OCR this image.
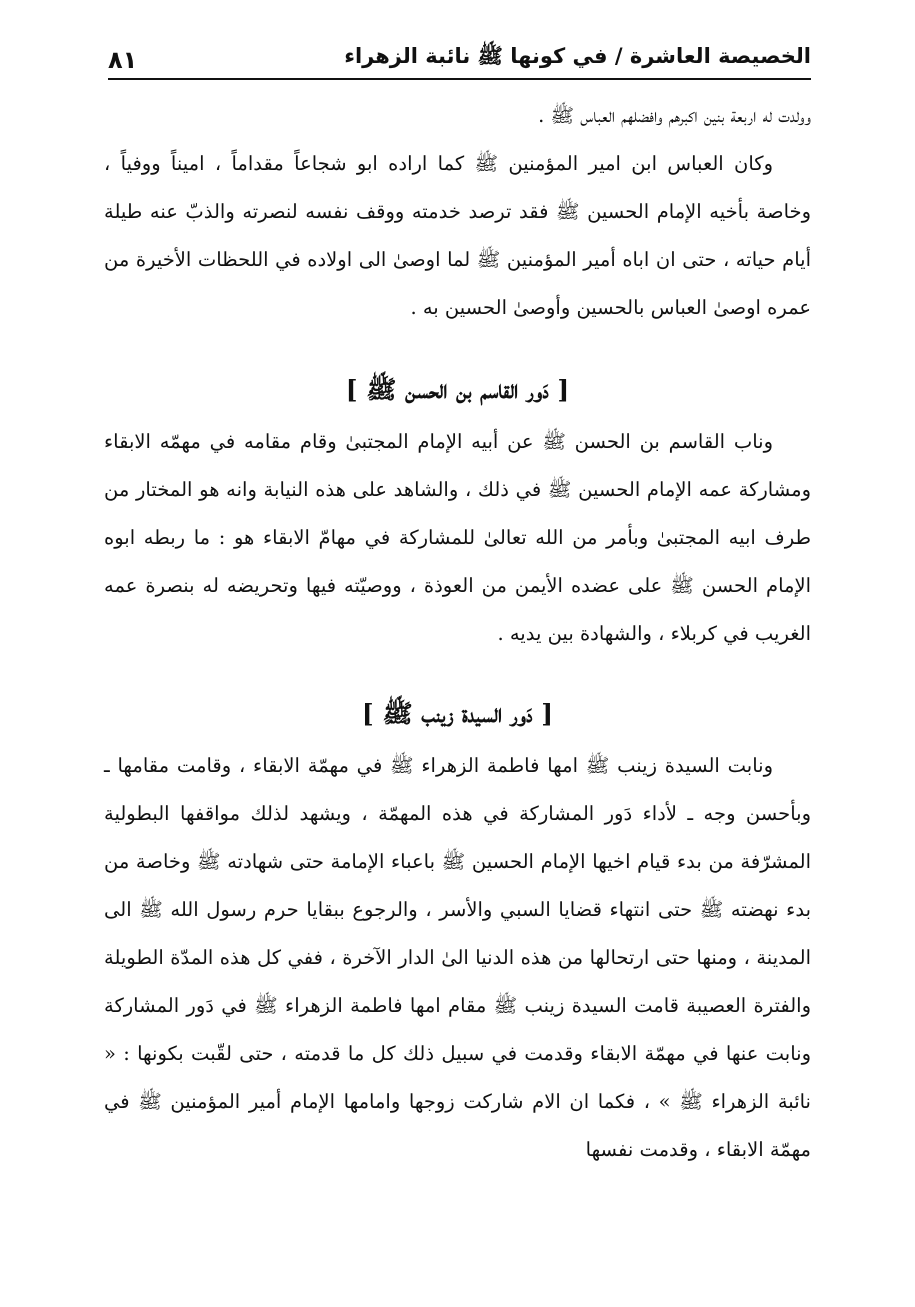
الخصيصة العاشرة / في كونها ﷺ نائبة الزهراء
٨١

وولدت له اربعة بنين اكبرهم وافضلهم العباس ﷺ .

وكان العباس ابن امير المؤمنين ﷺ كما اراده ابو شجاعاً مقداماً ، اميناً ووفياً ، وخاصة بأخيه الإمام الحسين ﷺ فقد ترصد خدمته ووقف نفسه لنصرته والذبّ عنه طيلة أيام حياته ، حتى ان اباه أمير المؤمنين ﷺ لما اوصىٰ الى اولاده في اللحظات الأخيرة من عمره اوصىٰ العباس بالحسين وأوصىٰ الحسين به .

[ دَور القاسم بن الحسن ﷺ ]

وناب القاسم بن الحسن ﷺ عن أبيه الإمام المجتبىٰ وقام مقامه في مهمّه الابقاء ومشاركة عمه الإمام الحسين ﷺ في ذلك ، والشاهد على هذه النيابة وانه هو المختار من طرف ابيه المجتبىٰ وبأمر من الله تعالىٰ للمشاركة في مهامّ الابقاء هو : ما ربطه ابوه الإمام الحسن ﷺ على عضده الأيمن من العوذة ، ووصيّته فيها وتحريضه له بنصرة عمه الغريب في كربلاء ، والشهادة بين يديه .

[ دَور السيدة زينب ﷺ ]

ونابت السيدة زينب ﷺ امها فاطمة الزهراء ﷺ في مهمّة الابقاء ، وقامت مقامها ـ وبأحسن وجه ـ لأداء دَور المشاركة في هذه المهمّة ، ويشهد لذلك مواقفها البطولية المشرّفة من بدء قيام اخيها الإمام الحسين ﷺ باعباء الإمامة حتى شهادته ﷺ وخاصة من بدء نهضته ﷺ حتى انتهاء قضايا السبي والأسر ، والرجوع ببقايا حرم رسول الله ﷺ الى المدينة ، ومنها حتى ارتحالها من هذه الدنيا الىٰ الدار الآخرة ، ففي كل هذه المدّة الطويلة والفترة العصيبة قامت السيدة زينب ﷺ مقام امها فاطمة الزهراء ﷺ في دَور المشاركة ونابت عنها في مهمّة الابقاء وقدمت في سبيل ذلك كل ما قدمته ، حتى لقّبت بكونها : « نائبة الزهراء ﷺ » ، فكما ان الام شاركت زوجها وامامها الإمام أمير المؤمنين ﷺ في مهمّة الابقاء ، وقدمت نفسها
